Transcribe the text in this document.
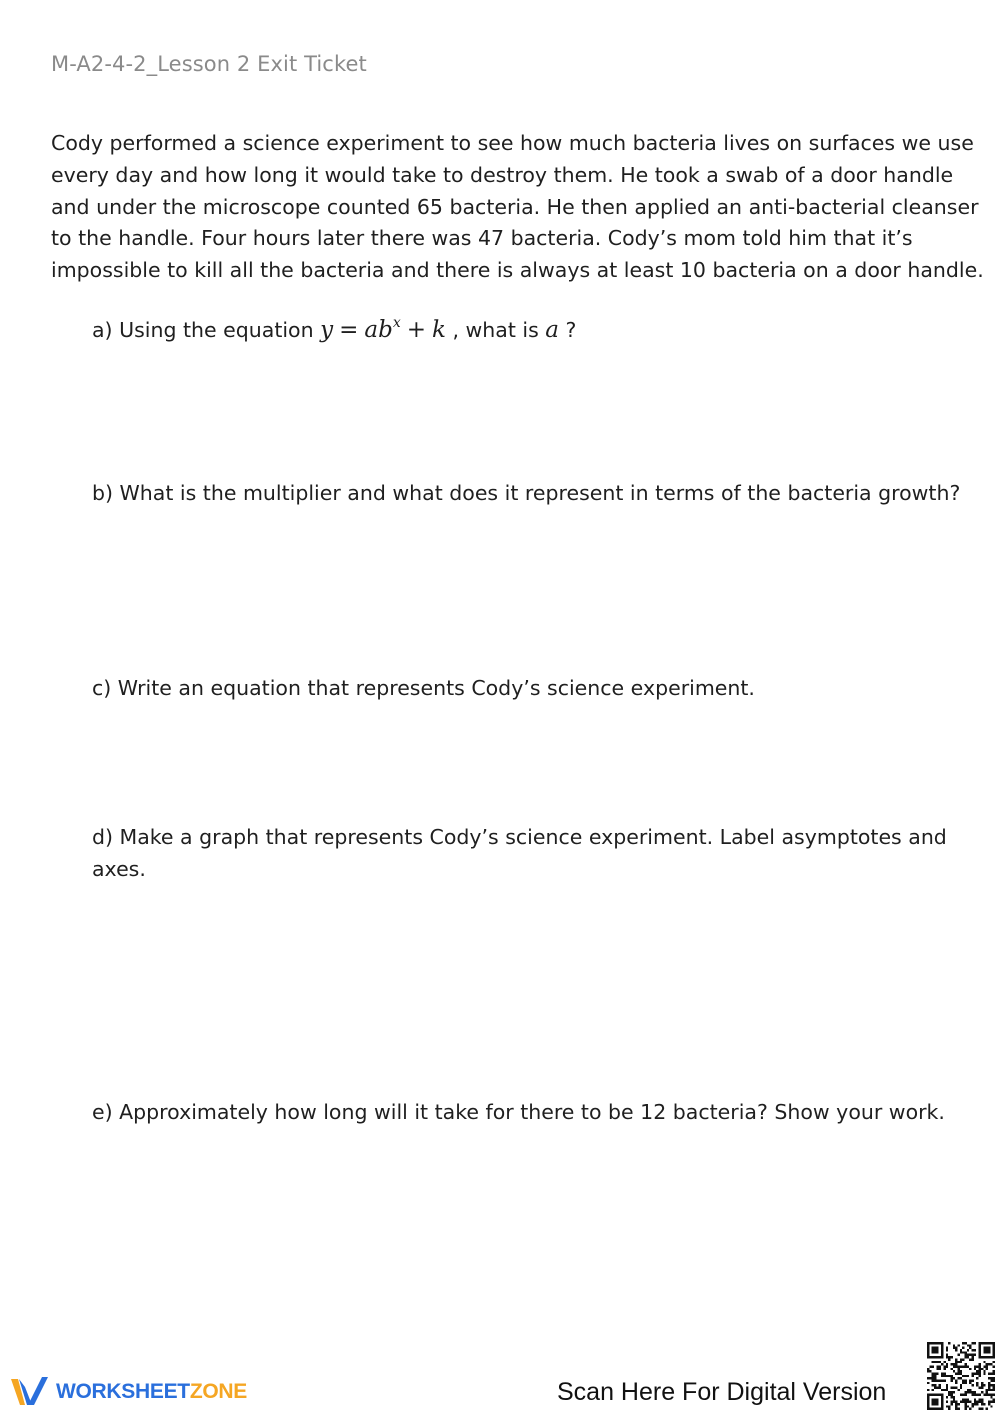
M-A2-4-2_Lesson 2 Exit Ticket
Cody performed a science experiment to see how much bacteria lives on surfaces we use every day and how long it would take to destroy them. He took a swab of a door handle and under the microscope counted 65 bacteria. He then applied an anti-bacterial cleanser to the handle. Four hours later there was 47 bacteria. Cody’s mom told him that it’s impossible to kill all the bacteria and there is always at least 10 bacteria on a door handle.
a) Using the equation $y = ab^x + k$ , what is a ?
b) What is the multiplier and what does it represent in terms of the bacteria growth?
c) Write an equation that represents Cody’s science experiment.
d) Make a graph that represents Cody’s science experiment. Label asymptotes and axes.
e) Approximately how long will it take for there to be 12 bacteria? Show your work.
WORKSHEETZONE	Scan Here For Digital Version
